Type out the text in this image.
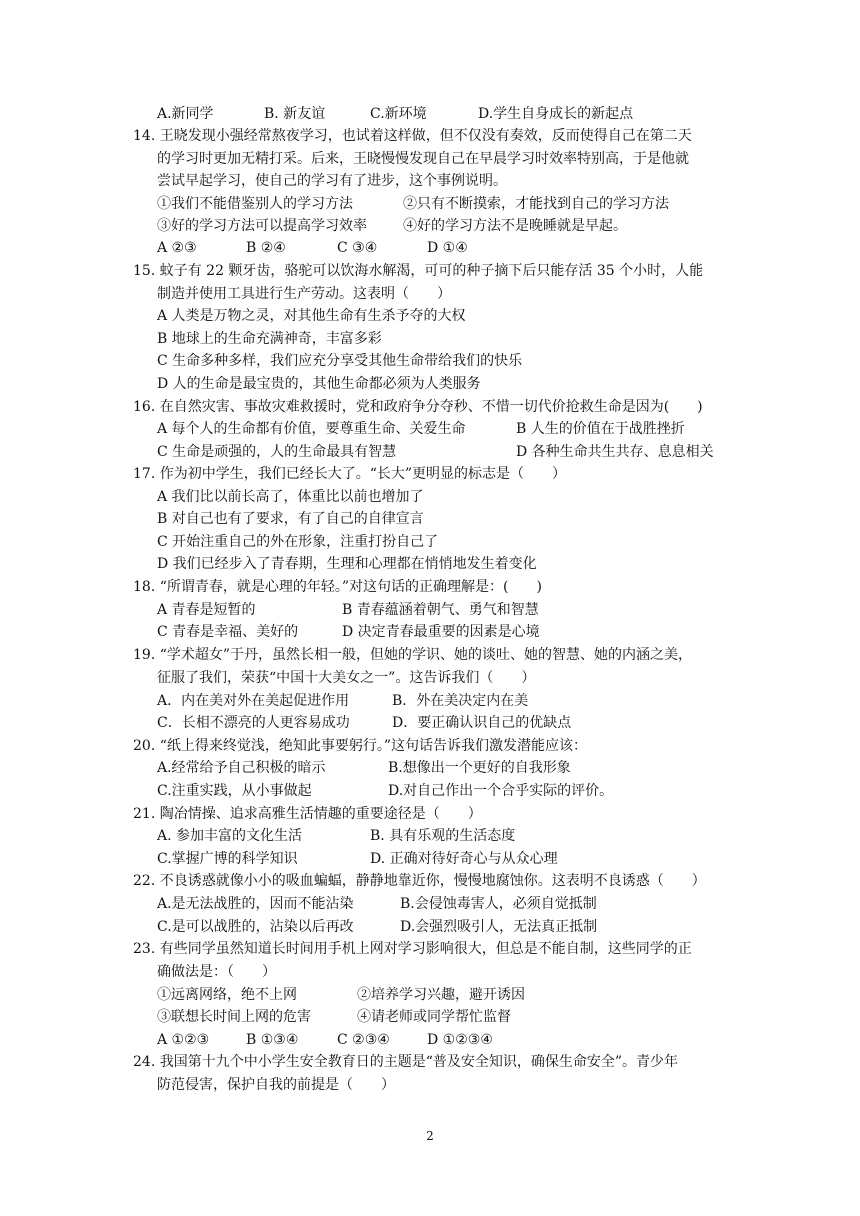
A.新同学	B. 新友谊	C.新环境	D.学生自身成长的新起点
14. 王晓发现小强经常熬夜学习，也试着这样做，但不仅没有奏效，反而使得自己在第二天
的学习时更加无精打采。后来，王晓慢慢发现自己在早晨学习时效率特别高，于是他就
尝试早起学习，使自己的学习有了进步，这个事例说明。
①我们不能借鉴别人的学习方法	②只有不断摸索，才能找到自己的学习方法
③好的学习方法可以提高学习效率	④好的学习方法不是晚睡就是早起。
A ②③	B ②④	C ③④	D ①④
15. 蚊子有 22 颗牙齿，骆驼可以饮海水解渴，可可的种子摘下后只能存活 35 个小时，人能
制造并使用工具进行生产劳动。这表明（　　）
A 人类是万物之灵，对其他生命有生杀予夺的大权
B 地球上的生命充满神奇，丰富多彩
C 生命多种多样，我们应充分享受其他生命带给我们的快乐
D 人的生命是最宝贵的，其他生命都必须为人类服务
16. 在自然灾害、事故灾难救援时，党和政府争分夺秒、不惜一切代价抢救生命是因为(　　)
A 每个人的生命都有价值，要尊重生命、关爱生命	B 人生的价值在于战胜挫折
C 生命是顽强的，人的生命最具有智慧	D 各种生命共生共存、息息相关
17. 作为初中学生，我们已经长大了。“长大”更明显的标志是（　　）
A 我们比以前长高了，体重比以前也增加了
B 对自己也有了要求，有了自己的自律宣言
C 开始注重自己的外在形象，注重打扮自己了
D 我们已经步入了青春期，生理和心理都在悄悄地发生着变化
18. “所谓青春，就是心理的年轻。”对这句话的正确理解是：(　　)
A 青春是短暂的	B 青春蕴涵着朝气、勇气和智慧
C 青春是幸福、美好的	D 决定青春最重要的因素是心境
19. “学术超女”于丹，虽然长相一般，但她的学识、她的谈吐、她的智慧、她的内涵之美，
征服了我们，荣获“中国十大美女之一”。这告诉我们（　　）
A．内在美对外在美起促进作用	B．外在美决定内在美
C．长相不漂亮的人更容易成功	D．要正确认识自己的优缺点
20. “纸上得来终觉浅，绝知此事要躬行。”这句话告诉我们激发潜能应该：
A.经常给予自己积极的暗示	B.想像出一个更好的自我形象
C.注重实践，从小事做起	D.对自己作出一个合乎实际的评价。
21. 陶冶情操、追求高雅生活情趣的重要途径是（　　）
A. 参加丰富的文化生活	B. 具有乐观的生活态度
C.掌握广博的科学知识	D. 正确对待好奇心与从众心理
22. 不良诱惑就像小小的吸血蝙蝠，静静地靠近你，慢慢地腐蚀你。这表明不良诱惑（　　）
A.是无法战胜的，因而不能沾染	B.会侵蚀毒害人，必须自觉抵制
C.是可以战胜的，沾染以后再改	D.会强烈吸引人，无法真正抵制
23. 有些同学虽然知道长时间用手机上网对学习影响很大，但总是不能自制，这些同学的正
确做法是：（　　）
①远离网络，绝不上网	②培养学习兴趣，避开诱因
③联想长时间上网的危害	④请老师或同学帮忙监督
A ①②③	B ①③④	C ②③④	D ①②③④
24. 我国第十九个中小学生安全教育日的主题是“普及安全知识，确保生命安全”。青少年
防范侵害，保护自我的前提是（　　）
2
